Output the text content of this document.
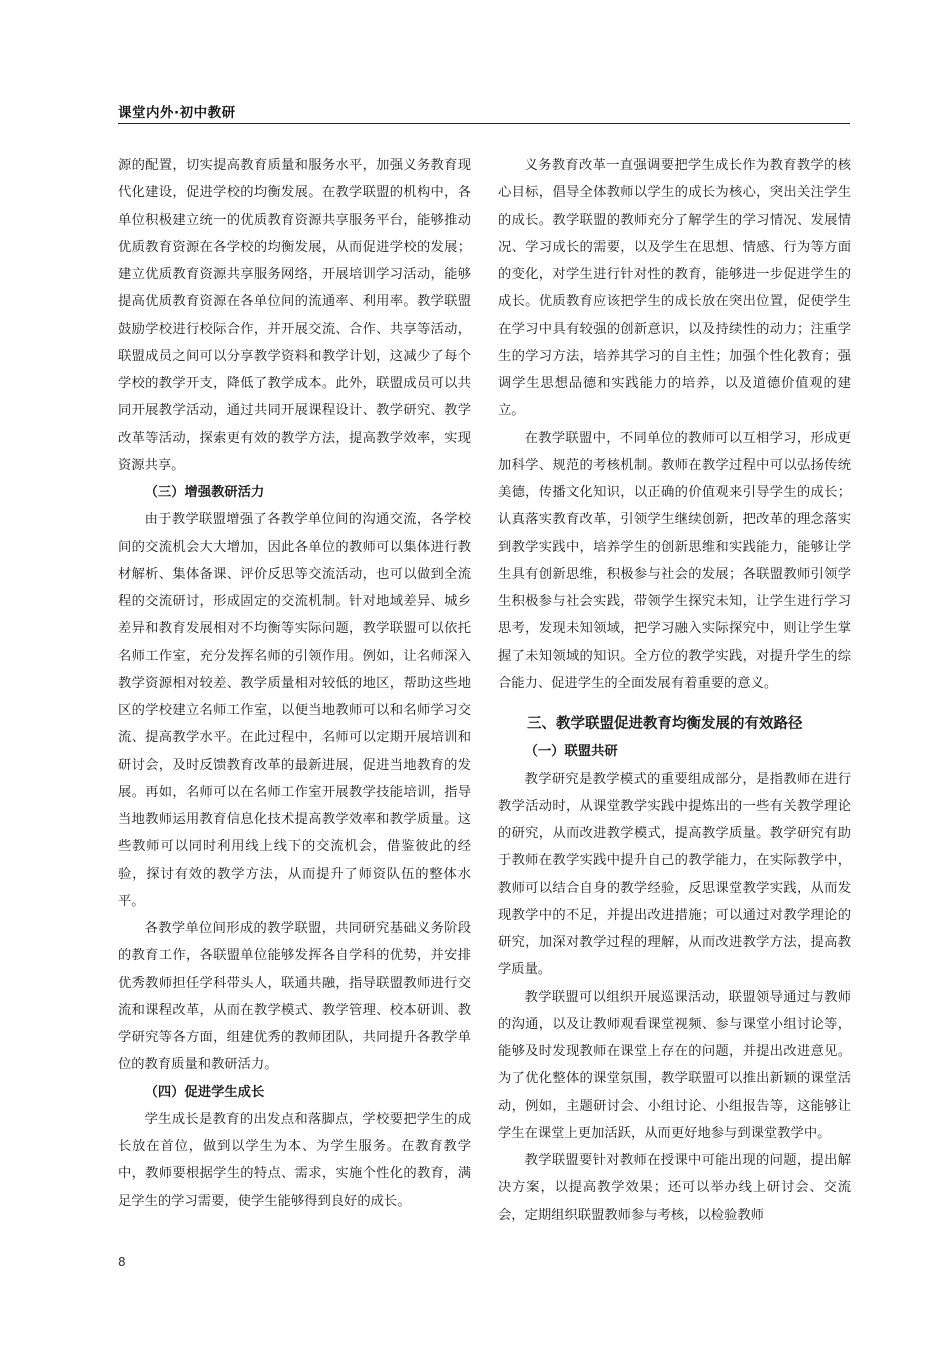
课堂内外·初中教研

源的配置，切实提高教育质量和服务水平，加强义务教育现代化建设，促进学校的均衡发展。在教学联盟的机构中，各单位积极建立统一的优质教育资源共享服务平台，能够推动优质教育资源在各学校的均衡发展，从而促进学校的发展；建立优质教育资源共享服务网络，开展培训学习活动，能够提高优质教育资源在各单位间的流通率、利用率。教学联盟鼓励学校进行校际合作，并开展交流、合作、共享等活动，联盟成员之间可以分享教学资料和教学计划，这减少了每个学校的教学开支，降低了教学成本。此外，联盟成员可以共同开展教学活动，通过共同开展课程设计、教学研究、教学改革等活动，探索更有效的教学方法，提高教学效率，实现资源共享。

（三）增强教研活力

由于教学联盟增强了各教学单位间的沟通交流，各学校间的交流机会大大增加，因此各单位的教师可以集体进行教材解析、集体备课、评价反思等交流活动，也可以做到全流程的交流研讨，形成固定的交流机制。针对地域差异、城乡差异和教育发展相对不均衡等实际问题，教学联盟可以依托名师工作室，充分发挥名师的引领作用。例如，让名师深入教学资源相对较差、教学质量相对较低的地区，帮助这些地区的学校建立名师工作室，以便当地教师可以和名师学习交流、提高教学水平。在此过程中，名师可以定期开展培训和研讨会，及时反馈教育改革的最新进展，促进当地教育的发展。再如，名师可以在名师工作室开展教学技能培训，指导当地教师运用教育信息化技术提高教学效率和教学质量。这些教师可以同时利用线上线下的交流机会，借鉴彼此的经验，探讨有效的教学方法，从而提升了师资队伍的整体水平。

各教学单位间形成的教学联盟，共同研究基础义务阶段的教育工作，各联盟单位能够发挥各自学科的优势，并安排优秀教师担任学科带头人，联通共融，指导联盟教师进行交流和课程改革，从而在教学模式、教学管理、校本研训、教学研究等各方面，组建优秀的教师团队，共同提升各教学单位的教育质量和教研活力。

（四）促进学生成长

学生成长是教育的出发点和落脚点，学校要把学生的成长放在首位，做到以学生为本、为学生服务。在教育教学中，教师要根据学生的特点、需求，实施个性化的教育，满足学生的学习需要，使学生能够得到良好的成长。

义务教育改革一直强调要把学生成长作为教育教学的核心目标，倡导全体教师以学生的成长为核心，突出关注学生的成长。教学联盟的教师充分了解学生的学习情况、发展情况、学习成长的需要，以及学生在思想、情感、行为等方面的变化，对学生进行针对性的教育，能够进一步促进学生的成长。优质教育应该把学生的成长放在突出位置，促使学生在学习中具有较强的创新意识，以及持续性的动力；注重学生的学习方法，培养其学习的自主性；加强个性化教育；强调学生思想品德和实践能力的培养，以及道德价值观的建立。

在教学联盟中，不同单位的教师可以互相学习，形成更加科学、规范的考核机制。教师在教学过程中可以弘扬传统美德，传播文化知识，以正确的价值观来引导学生的成长；认真落实教育改革，引领学生继续创新，把改革的理念落实到教学实践中，培养学生的创新思维和实践能力，能够让学生具有创新思维，积极参与社会的发展；各联盟教师引领学生积极参与社会实践，带领学生探究未知，让学生进行学习思考，发现未知领域，把学习融入实际探究中，则让学生掌握了未知领域的知识。全方位的教学实践，对提升学生的综合能力、促进学生的全面发展有着重要的意义。

三、教学联盟促进教育均衡发展的有效路径
（一）联盟共研

教学研究是教学模式的重要组成部分，是指教师在进行教学活动时，从课堂教学实践中提炼出的一些有关教学理论的研究，从而改进教学模式，提高教学质量。教学研究有助于教师在教学实践中提升自己的教学能力，在实际教学中，教师可以结合自身的教学经验，反思课堂教学实践，从而发现教学中的不足，并提出改进措施；可以通过对教学理论的研究，加深对教学过程的理解，从而改进教学方法，提高教学质量。

教学联盟可以组织开展巡课活动，联盟领导通过与教师的沟通，以及让教师观看课堂视频、参与课堂小组讨论等，能够及时发现教师在课堂上存在的问题，并提出改进意见。为了优化整体的课堂氛围，教学联盟可以推出新颖的课堂活动，例如，主题研讨会、小组讨论、小组报告等，这能够让学生在课堂上更加活跃，从而更好地参与到课堂教学中。

教学联盟要针对教师在授课中可能出现的问题，提出解决方案，以提高教学效果；还可以举办线上研讨会、交流会，定期组织联盟教师参与考核，以检验教师

8
